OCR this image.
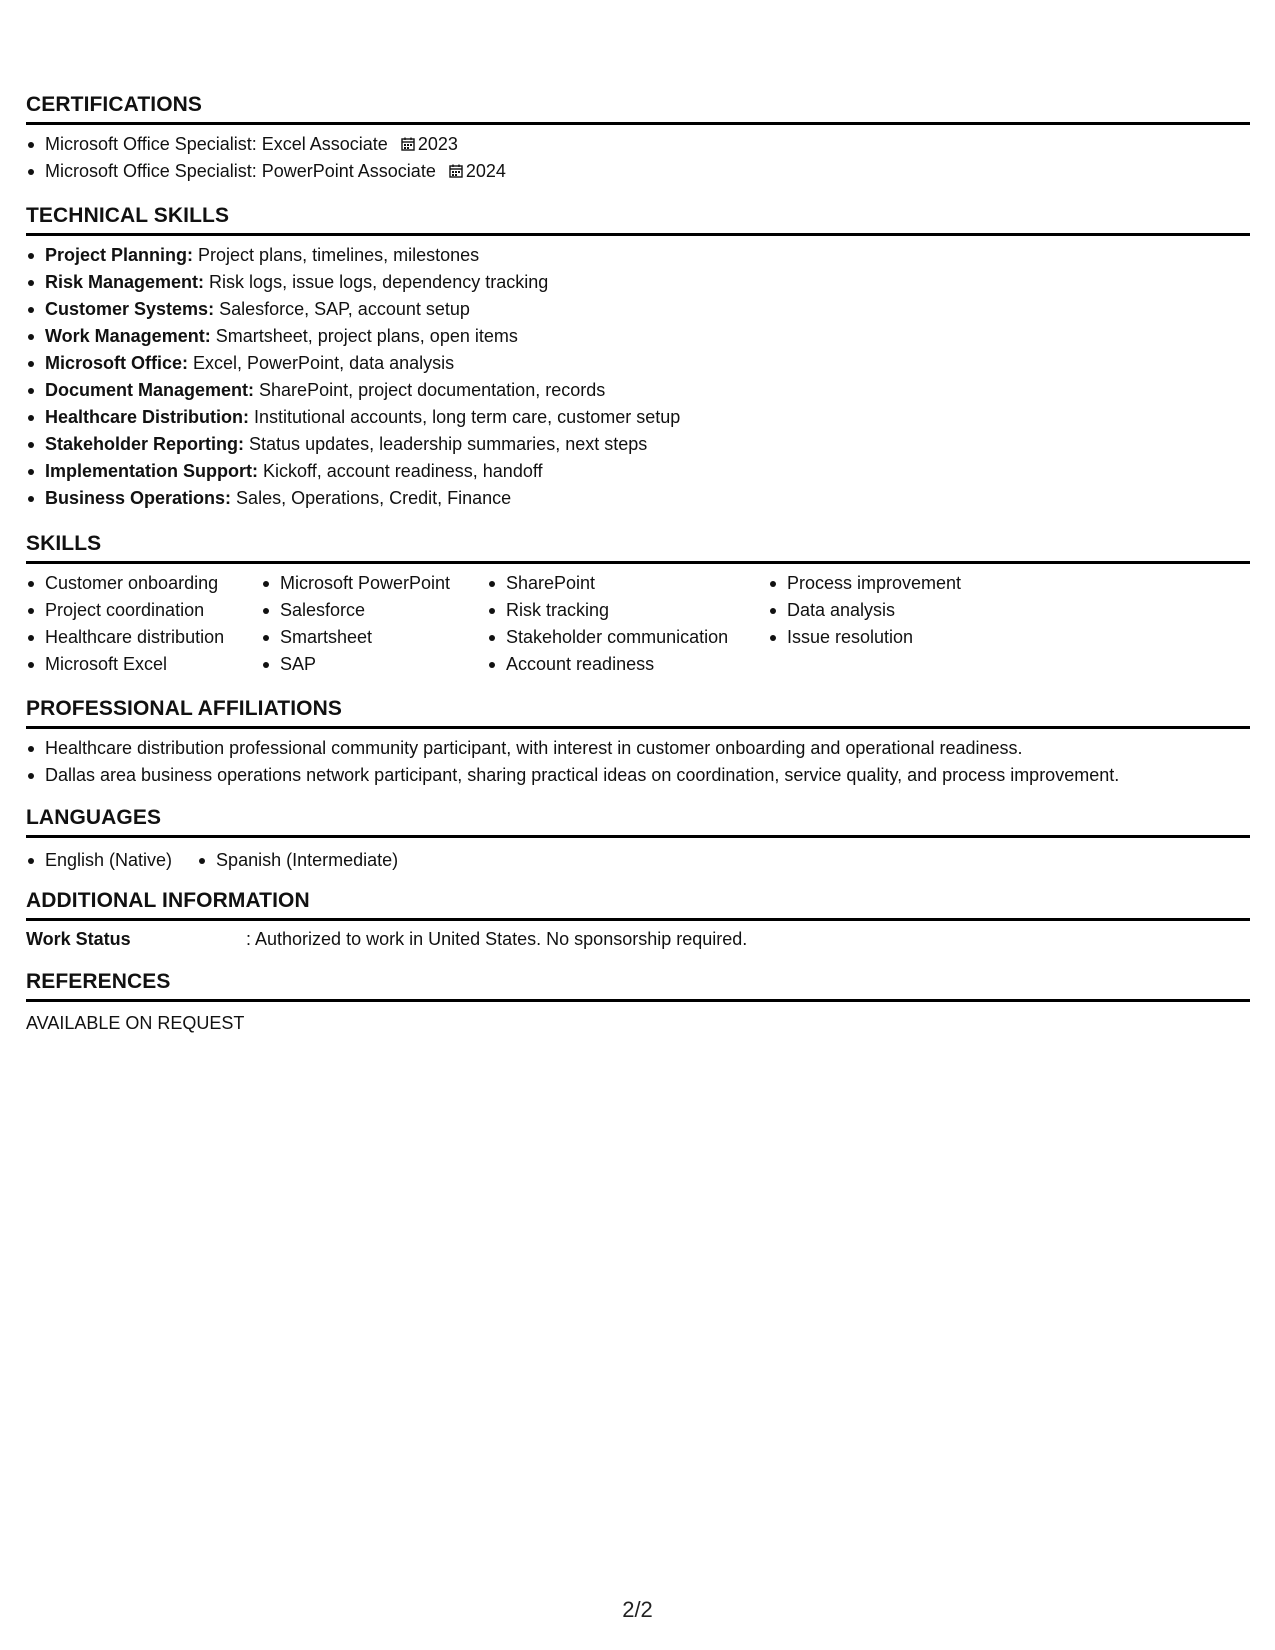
CERTIFICATIONS
Microsoft Office Specialist: Excel Associate 2023
Microsoft Office Specialist: PowerPoint Associate 2024
TECHNICAL SKILLS
Project Planning: Project plans, timelines, milestones
Risk Management: Risk logs, issue logs, dependency tracking
Customer Systems: Salesforce, SAP, account setup
Work Management: Smartsheet, project plans, open items
Microsoft Office: Excel, PowerPoint, data analysis
Document Management: SharePoint, project documentation, records
Healthcare Distribution: Institutional accounts, long term care, customer setup
Stakeholder Reporting: Status updates, leadership summaries, next steps
Implementation Support: Kickoff, account readiness, handoff
Business Operations: Sales, Operations, Credit, Finance
SKILLS
Customer onboarding
Project coordination
Healthcare distribution
Microsoft Excel
Microsoft PowerPoint
Salesforce
Smartsheet
SAP
SharePoint
Risk tracking
Stakeholder communication
Account readiness
Process improvement
Data analysis
Issue resolution
PROFESSIONAL AFFILIATIONS
Healthcare distribution professional community participant, with interest in customer onboarding and operational readiness.
Dallas area business operations network participant, sharing practical ideas on coordination, service quality, and process improvement.
LANGUAGES
English (Native)	Spanish (Intermediate)
ADDITIONAL INFORMATION
Work Status	: Authorized to work in United States. No sponsorship required.
REFERENCES
AVAILABLE ON REQUEST
2/2
